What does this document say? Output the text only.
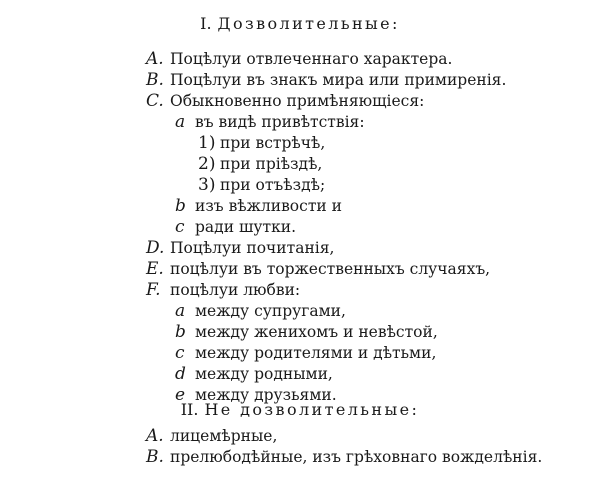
I. Дозволительные:
A. Поцѣлуи отвлеченнаго характера.
B. Поцѣлуи въ знакъ мира или примиренія.
C. Обыкновенно примѣняющіеся:
a въ видѣ привѣтствія:
1) при встрѣчѣ,
2) при пріѣздѣ,
3) при отъѣздѣ;
b изъ вѣжливости и
c ради шутки.
D. Поцѣлуи почитанія,
E. поцѣлуи въ торжественныхъ случаяхъ,
F. поцѣлуи любви:
a между супругами,
b между женихомъ и невѣстой,
c между родителями и дѣтьми,
d между родными,
e между друзьями.
II. Не дозволительные:
A. лицемѣрные,
B. прелюбодѣйные, изъ грѣховнаго вожделѣнія.
